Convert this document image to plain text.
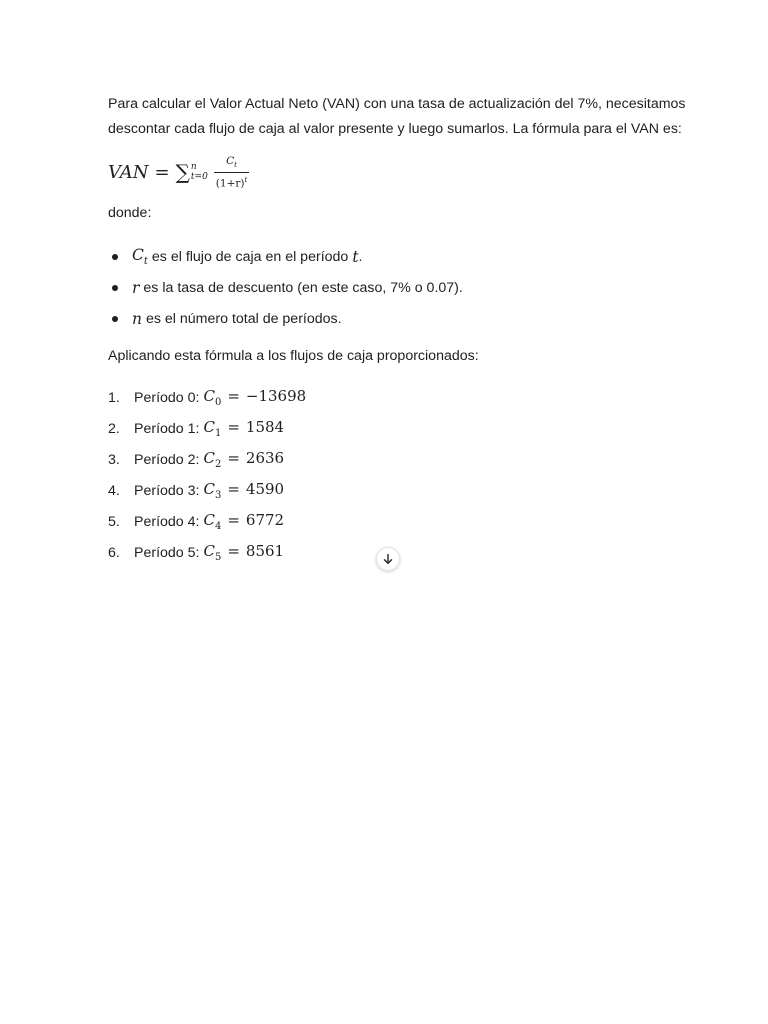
Para calcular el Valor Actual Neto (VAN) con una tasa de actualización del 7%, necesitamos

descontar cada flujo de caja al valor presente y luego sumarlos. La fórmula para el VAN es:

VAN = ∑ n
$t=0 \frac{C_t}{(1+r)^t}$

donde:

$C_t$ es el flujo de caja en el período t .
r es la tasa de descuento (en este caso, 7% o 0.07).
n es el número total de períodos.

Aplicando esta fórmula a los flujos de caja proporcionados:

1. Período 0: $C_0 = -13698$
2. Período 1: $C_1 = 1584$
3. Período 2: $C_2 = 2636$
4. Período 3: $C_3 = 4590$
5. Período 4: $C_4 = 6772$
6. Período 5: $C_5 = 8561$
